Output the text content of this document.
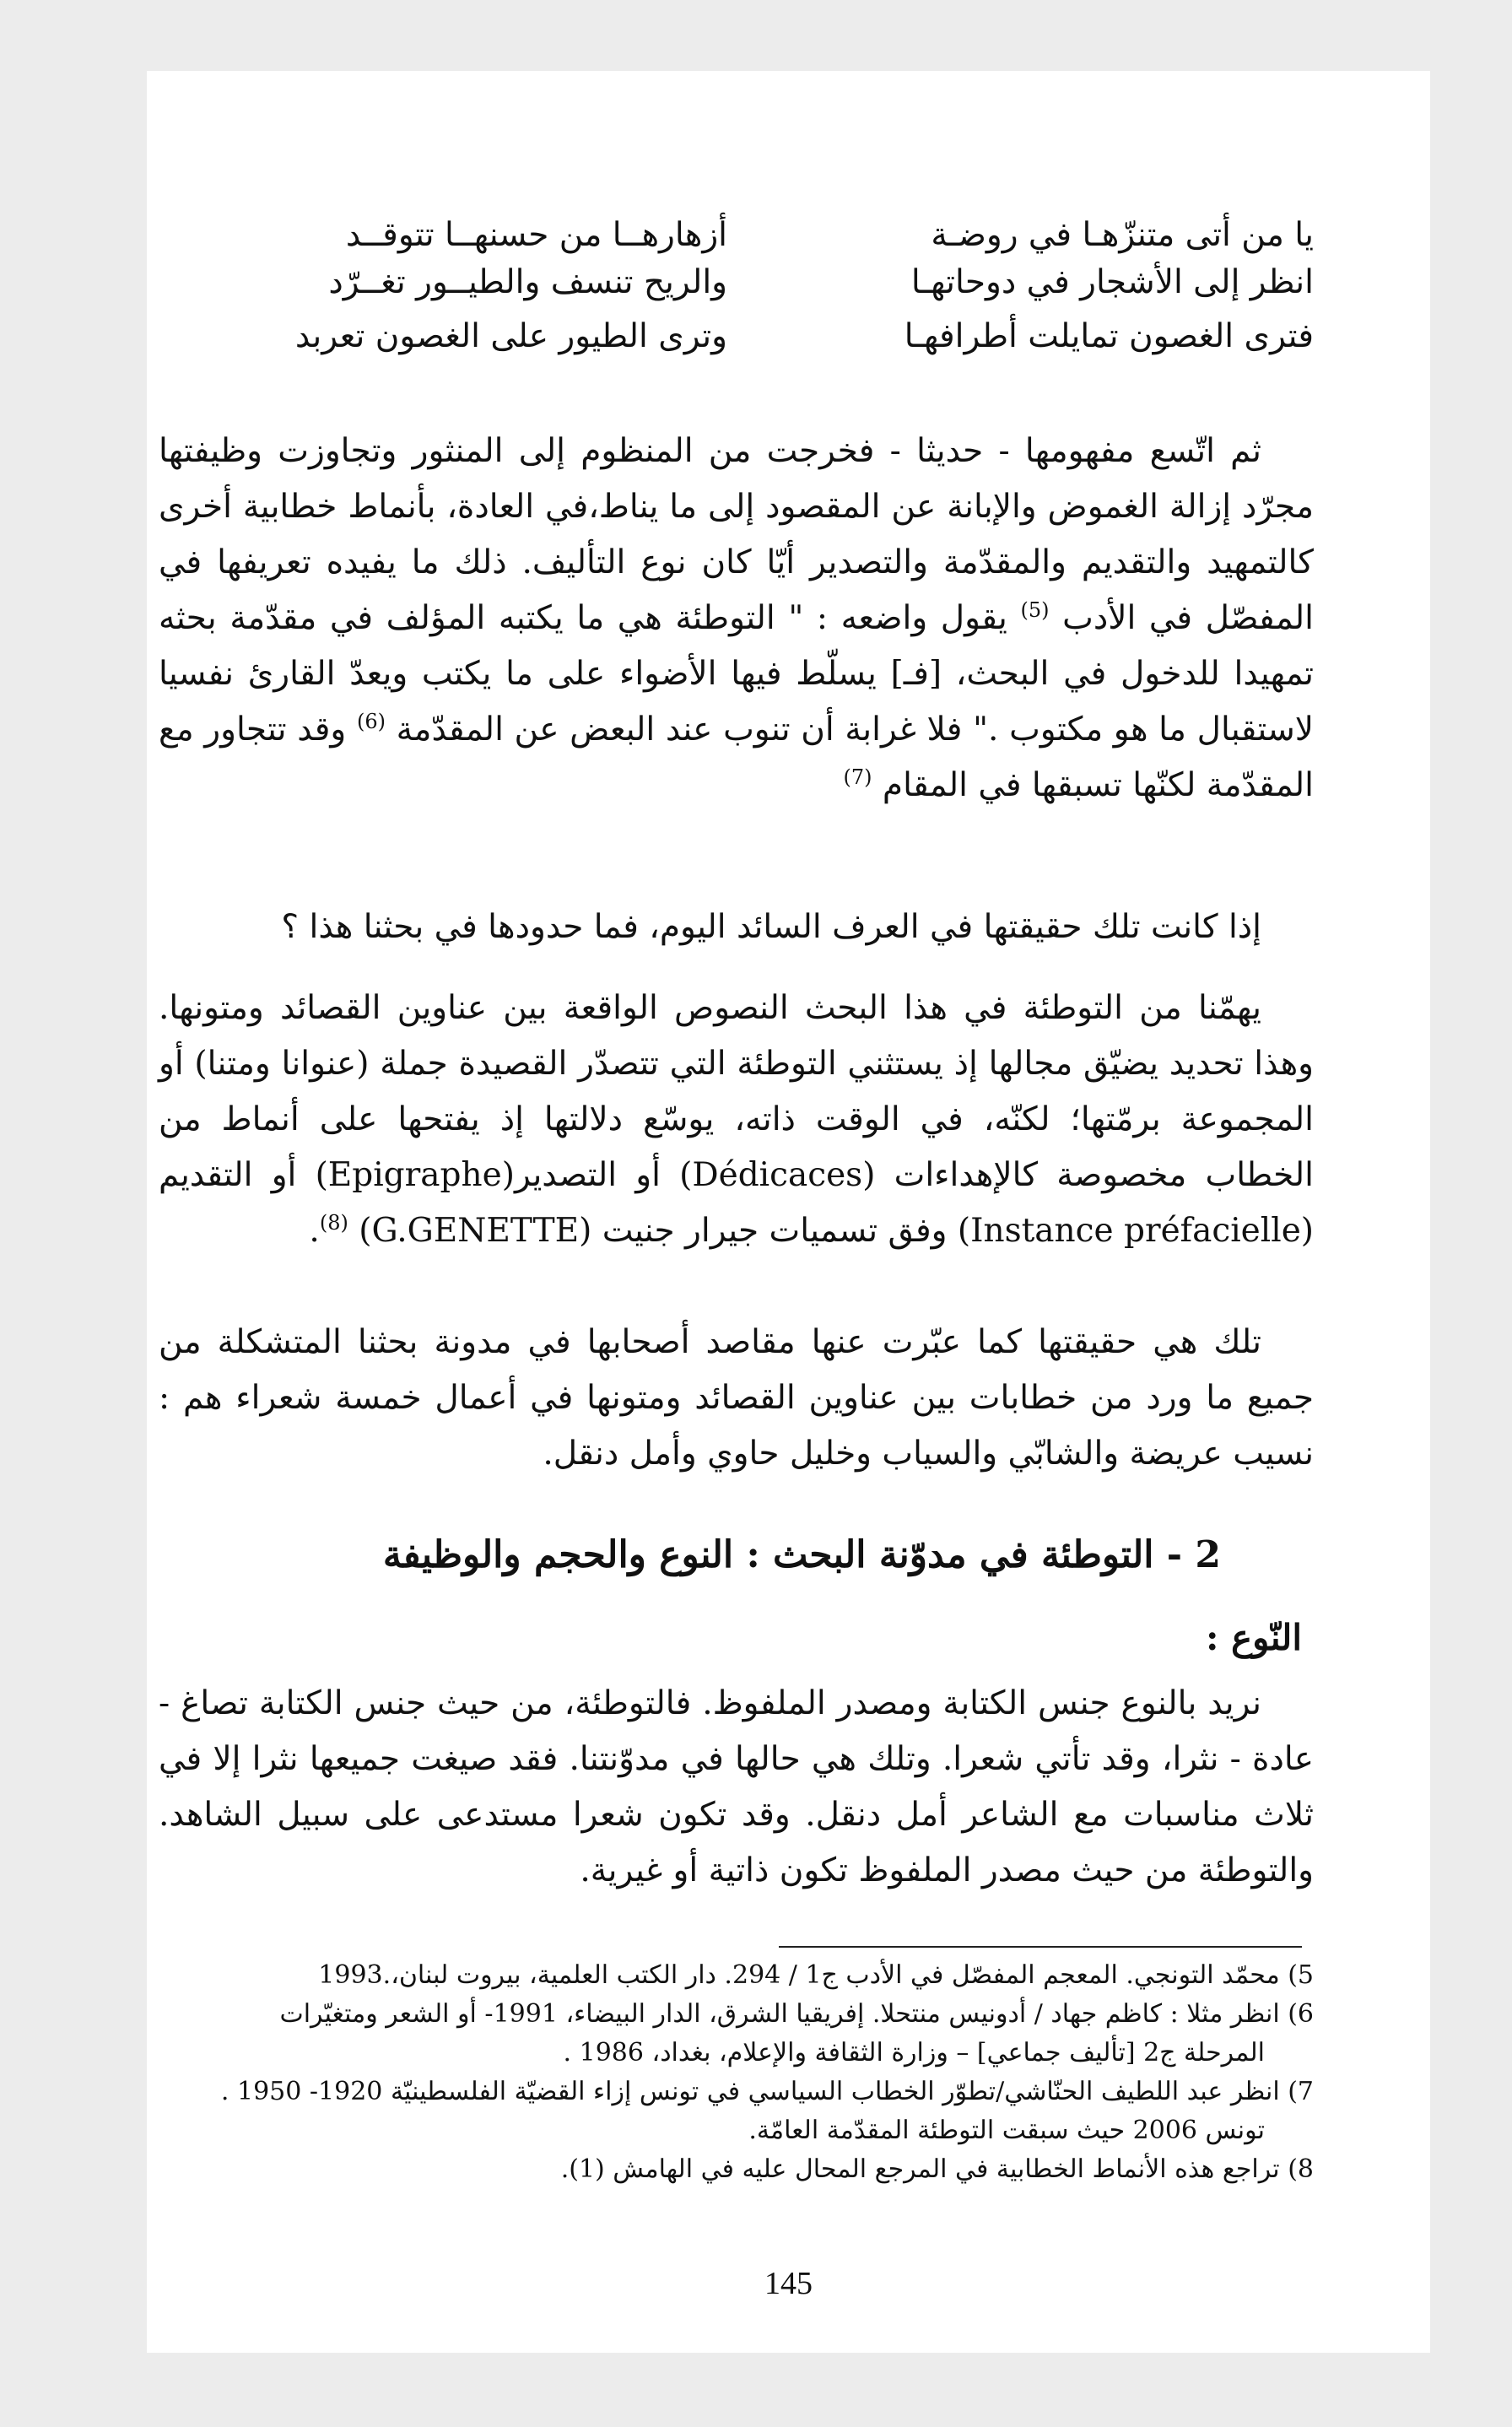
يا من أتى متنزّهـا في روضـة
أزهارهــا من حسنهــا تتوقــد
انظر إلى الأشجار في دوحاتهـا
والريح تنسف والطيــور تغــرّد
فترى الغصون تمايلت أطرافهـا
وترى الطيور على الغصون تعربد

ثم اتّسع مفهومها - حديثا - فخرجت من المنظوم إلى المنثور وتجاوزت وظيفتها مجرّد إزالة الغموض والإبانة عن المقصود إلى ما يناط،في العادة، بأنماط خطابية أخرى كالتمهيد والتقديم والمقدّمة والتصدير أيّا كان نوع التأليف. ذلك ما يفيده تعريفها في المفصّل في الأدب $^{(5)}$ يقول واضعه : " التوطئة هي ما يكتبه المؤلف في مقدّمة بحثه تمهيدا للدخول في البحث، [فـ] يسلّط فيها الأضواء على ما يكتب ويعدّ القارئ نفسيا لاستقبال ما هو مكتوب ." فلا غرابة أن تنوب عند البعض عن المقدّمة $^{(6)}$ وقد تتجاور مع المقدّمة لكنّها تسبقها في المقام $^{(7)}$

إذا كانت تلك حقيقتها في العرف السائد اليوم، فما حدودها في بحثنا هذا ؟

يهمّنا من التوطئة في هذا البحث النصوص الواقعة بين عناوين القصائد ومتونها. وهذا تحديد يضيّق مجالها إذ يستثني التوطئة التي تتصدّر القصيدة جملة (عنوانا ومتنا) أو المجموعة برمّتها؛ لكنّه، في الوقت ذاته، يوسّع دلالتها إذ يفتحها على أنماط من الخطاب مخصوصة كالإهداءات (Dédicaces) أو التصدير(Epigraphe) أو التقديم (Instance préfacielle) وفق تسميات جيرار جنيت (G.GENETTE) $^{(8)}$.

تلك هي حقيقتها كما عبّرت عنها مقاصد أصحابها في مدونة بحثنا المتشكلة من جميع ما ورد من خطابات بين عناوين القصائد ومتونها في أعمال خمسة شعراء هم : نسيب عريضة والشابّي والسياب وخليل حاوي وأمل دنقل.

2 - التوطئة في مدوّنة البحث : النوع والحجم والوظيفة
النّوع :

نريد بالنوع جنس الكتابة ومصدر الملفوظ. فالتوطئة، من حيث جنس الكتابة تصاغ - عادة - نثرا، وقد تأتي شعرا. وتلك هي حالها في مدوّنتنا. فقد صيغت جميعها نثرا إلا في ثلاث مناسبات مع الشاعر أمل دنقل. وقد تكون شعرا مستدعى على سبيل الشاهد. والتوطئة من حيث مصدر الملفوظ تكون ذاتية أو غيرية.

5) محمّد التونجي. المعجم المفصّل في الأدب ج1 / 294. دار الكتب العلمية، بيروت لبنان،.1993

6) انظر مثلا : كاظم جهاد / أدونيس منتحلا. إفريقيا الشرق، الدار البيضاء، 1991- أو الشعر ومتغيّرات

المرحلة ج2 [تأليف جماعي] – وزارة الثقافة والإعلام، بغداد، 1986 .

7) انظر عبد اللطيف الحنّاشي/تطوّر الخطاب السياسي في تونس إزاء القضيّة الفلسطينيّة 1920- 1950 .

تونس 2006 حيث سبقت التوطئة المقدّمة العامّة.

8) تراجع هذه الأنماط الخطابية في المرجع المحال عليه في الهامش (1).

145
